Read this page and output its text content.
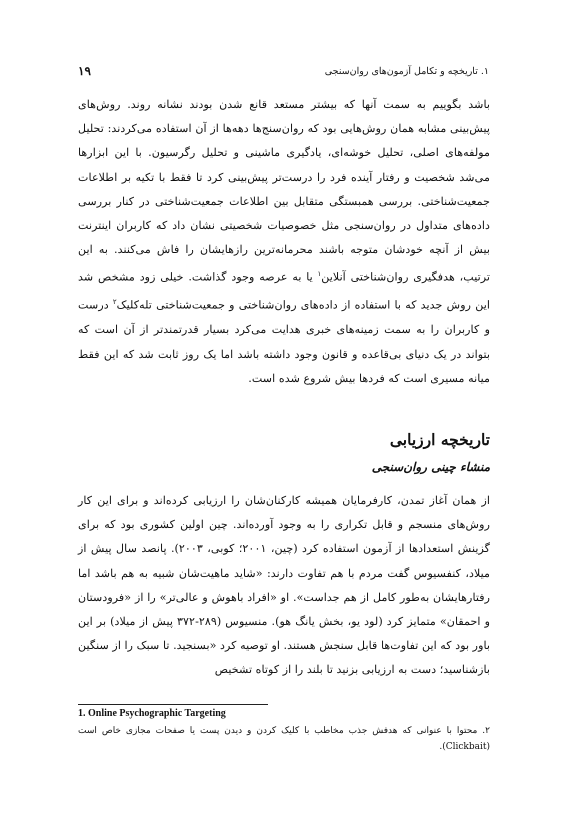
۱. تاریخچه و تکامل آزمون‌های روان‌سنجی
۱۹

باشد بگوییم به سمت آنها که بیشتر مستعد قانع شدن بودند نشانه روند. روش‌های پیش‌بینی مشابه همان روش‌هایی بود که روان‌سنج‌ها دهه‌ها از آن استفاده می‌کردند: تحلیل مولفه‌های اصلی، تحلیل خوشه‌ای، یادگیری ماشینی و تحلیل رگرسیون. با این ابزارها می‌شد شخصیت و رفتار آینده فرد را درست‌تر پیش‌بینی کرد تا فقط با تکیه بر اطلاعات جمعیت‌شناختی. بررسی همبستگی متقابل بین اطلاعات جمعیت‌شناختی در کنار بررسی داده‌های متداول در روان‌سنجی مثل خصوصیات شخصیتی نشان داد که کاربران اینترنت بیش از آنچه خودشان متوجه باشند محرمانه‌ترین رازهایشان را فاش می‌کنند. به این ترتیب، هدفگیری روان‌شناختی آنلاین$^۱$ یا به عرصه وجود گذاشت. خیلی زود مشخص شد این روش جدید که با استفاده از داده‌های روان‌شناختی و جمعیت‌شناختی تله‌کلیک$^۲$ درست و کاربران را به سمت زمینه‌های خبری هدایت می‌کرد بسیار قدرتمندتر از آن است که بتواند در یک دنیای بی‌قاعده و قانون وجود داشته باشد اما یک روز ثابت شد که این فقط میانه مسیری است که فردها بیش شروع شده است.

تاریخچه ارزیابی
منشاء چینی روان‌سنجی

از همان آغاز تمدن، کارفرمایان همیشه کارکنان‌شان را ارزیابی کرده‌اند و برای این کار روش‌های منسجم و قابل تکراری را به وجود آورده‌اند. چین اولین کشوری بود که برای گزینش استعدادها از آزمون استفاده کرد (چین، ۲۰۰۱؛ کوبی، ۲۰۰۳). پانصد سال پیش از میلاد، کنفسیوس گفت مردم با هم تفاوت دارند: «شاید ماهیت‌شان شبیه به هم باشد اما رفتارهایشان به‌طور کامل از هم جداست». او «افراد باهوش و عالی‌تر» را از «فرودستان و احمقان» متمایز کرد (لود یو، بخش یانگ هو). منسیوس (۲۸۹-۳۷۲ پیش از میلاد) بر این باور بود که این تفاوت‌ها قابل سنجش هستند. او توصیه کرد «بسنجید. تا سبک را از سنگین بازشناسید؛ دست به ارزیابی بزنید تا بلند را از کوتاه تشخیص

1. Online Psychographic Targeting
۲. محتوا با عنوانی که هدفش جذب مخاطب با کلیک کردن و دیدن پست یا صفحات مجازی خاص است (Clickbait).
